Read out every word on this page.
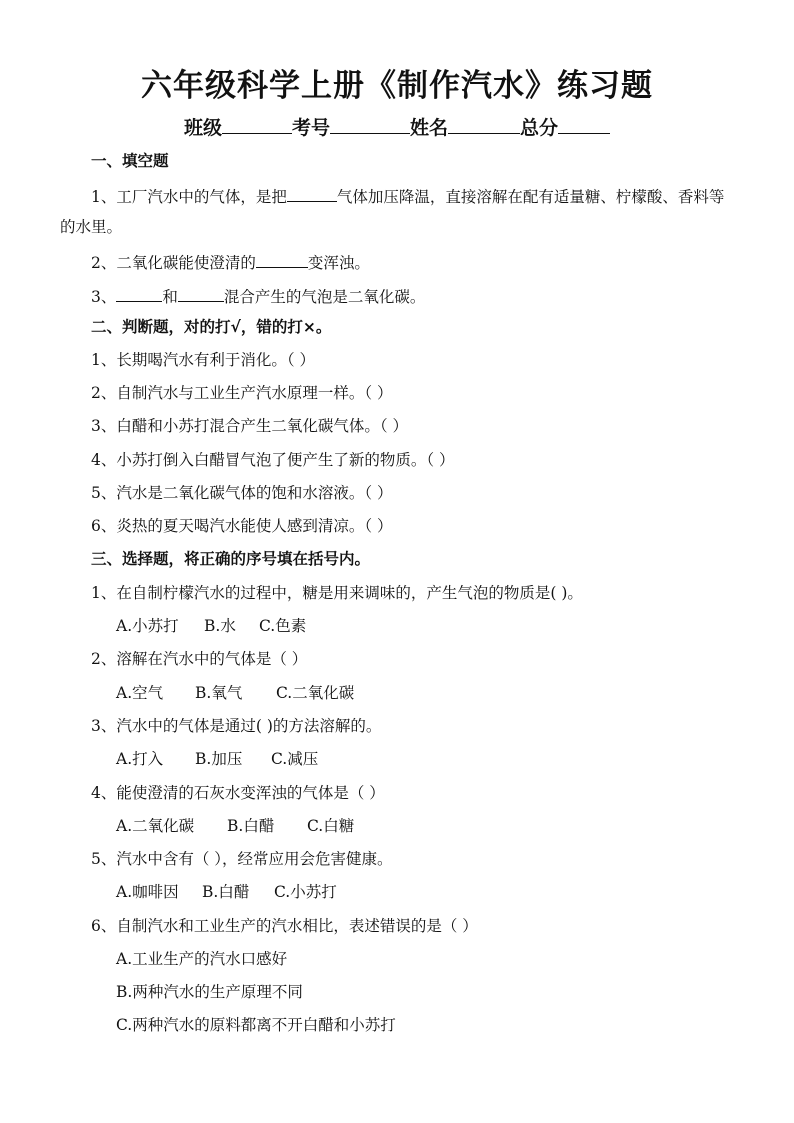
六年级科学上册《制作汽水》练习题
班级	考号	姓名	总分
一、填空题
1、工厂汽水中的气体，是把	气体加压降温，直接溶解在配有适量糖、柠檬酸、香料等
的水里。
2、二氧化碳能使澄清的	变浑浊。
3、	和	混合产生的气泡是二氧化碳。
二、判断题，对的打√，错的打×。
1、长期喝汽水有利于消化。（ ）
2、自制汽水与工业生产汽水原理一样。（ ）
3、白醋和小苏打混合产生二氧化碳气体。（ ）
4、小苏打倒入白醋冒气泡了便产生了新的物质。（ ）
5、汽水是二氧化碳气体的饱和水溶液。（ ）
6、炎热的夏天喝汽水能使人感到清凉。（ ）
三、选择题，将正确的序号填在括号内。
1、在自制柠檬汽水的过程中，糖是用来调味的，产生气泡的物质是( )。
A.小苏打 B.水 C.色素
2、溶解在汽水中的气体是（ ）
A.空气 B.氧气 C.二氧化碳
3、汽水中的气体是通过( )的方法溶解的。
A.打入 B.加压 C.减压
4、能使澄清的石灰水变浑浊的气体是（ ）
A.二氧化碳 B.白醋 C.白糖
5、汽水中含有（ ），经常应用会危害健康。
A.咖啡因 B.白醋 C.小苏打
6、自制汽水和工业生产的汽水相比，表述错误的是（ ）
A.工业生产的汽水口感好
B.两种汽水的生产原理不同
C.两种汽水的原料都离不开白醋和小苏打
